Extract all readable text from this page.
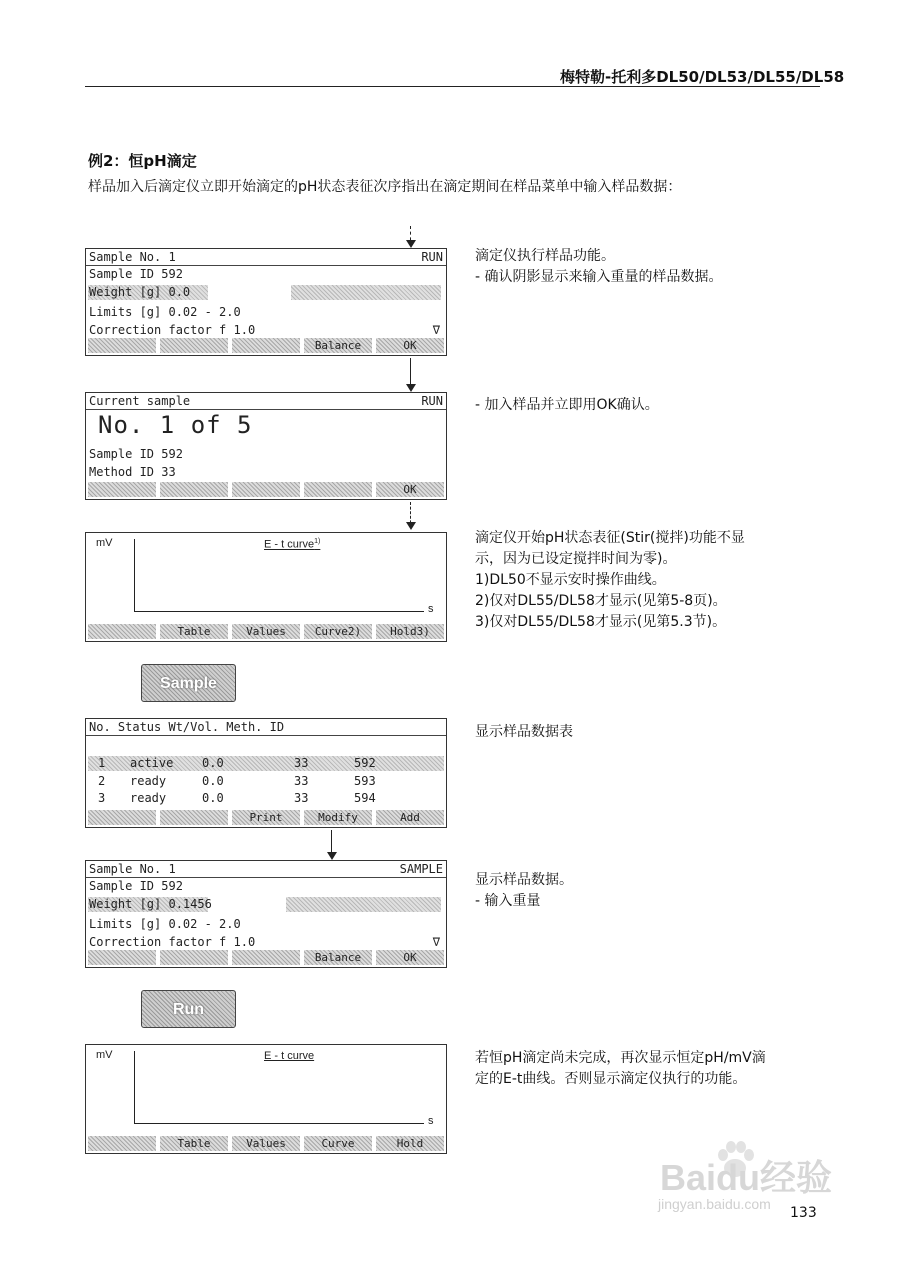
梅特勒-托利多DL50/DL53/DL55/DL58
例2：恒pH滴定
样品加入后滴定仪立即开始滴定的pH状态表征次序指出在滴定期间在样品菜单中输入样品数据：
Sample No. 1	RUN
Sample ID 592
Weight [g] 0.0
Limits [g] 0.02 - 2.0
Correction factor f 1.0	∇
Balance	OK
Current sample	RUN
No. 1 of 5
Sample ID 592
Method ID 33
OK
mV	E - t curve$^{1)}$
s
Table	Values	Curve2)	Hold3)
Sample
No. Status Wt/Vol. Meth. ID
1 active 0.0	33	592
2 ready	0.0	33	593
3 ready	0.0	33	594
Print	Modify	Add
Sample No. 1	SAMPLE
Sample ID 592
Weight [g] 0.1456
Limits [g] 0.02 - 2.0
Correction factor f 1.0	∇
Balance	OK
Run
mV	E - t curve
s
Table	Values	Curve	Hold

滴定仪执行样品功能。

- 确认阴影显示来输入重量的样品数据。

- 加入样品并立即用OK确认。

滴定仪开始pH状态表征(Stir(搅拌)功能不显

示，因为已设定搅拌时间为零)。

1)DL50不显示安时操作曲线。

2)仅对DL55/DL58才显示(见第5-8页)。

3)仅对DL55/DL58才显示(见第5.3节)。

显示样品数据表

显示样品数据。

- 输入重量

若恒pH滴定尚未完成，再次显示恒定pH/mV滴

定的E-t曲线。否则显示滴定仪执行的功能。

Baidu经验
jingyan.baidu.com
133
